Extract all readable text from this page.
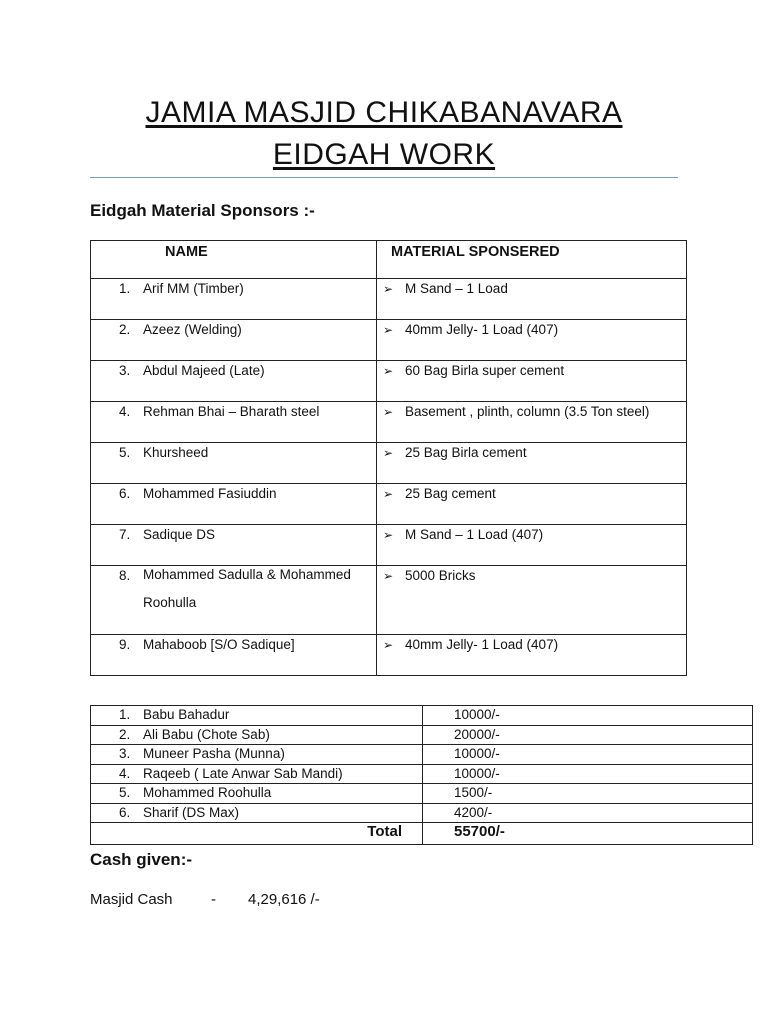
JAMIA MASJID CHIKABANAVARA
EIDGAH WORK
Eidgah Material Sponsors :-
NAME	MATERIAL SPONSERED
1. Arif MM (Timber)	➢ M Sand – 1 Load
2. Azeez (Welding)	➢ 40mm Jelly- 1 Load (407)
3. Abdul Majeed (Late)	➢ 60 Bag Birla super cement
4. Rehman Bhai – Bharath steel	➢ Basement , plinth, column (3.5 Ton steel)
5. Khursheed	➢ 25 Bag Birla cement
6. Mohammed Fasiuddin	➢ 25 Bag cement
7. Sadique DS	➢ M Sand – 1 Load (407)
8. Mohammed Sadulla & Mohammed Roohulla	➢ 5000 Bricks
9. Mahaboob [S/O Sadique]	➢ 40mm Jelly- 1 Load (407)
1. Babu Bahadur	10000/-
2. Ali Babu (Chote Sab)	20000/-
3. Muneer Pasha (Munna)	10000/-
4. Raqeeb ( Late Anwar Sab Mandi)	10000/-
5. Mohammed Roohulla	1500/-
6. Sharif (DS Max)	4200/-
Total	55700/-
Cash given:-
Masjid Cash	- 4,29,616 /-
